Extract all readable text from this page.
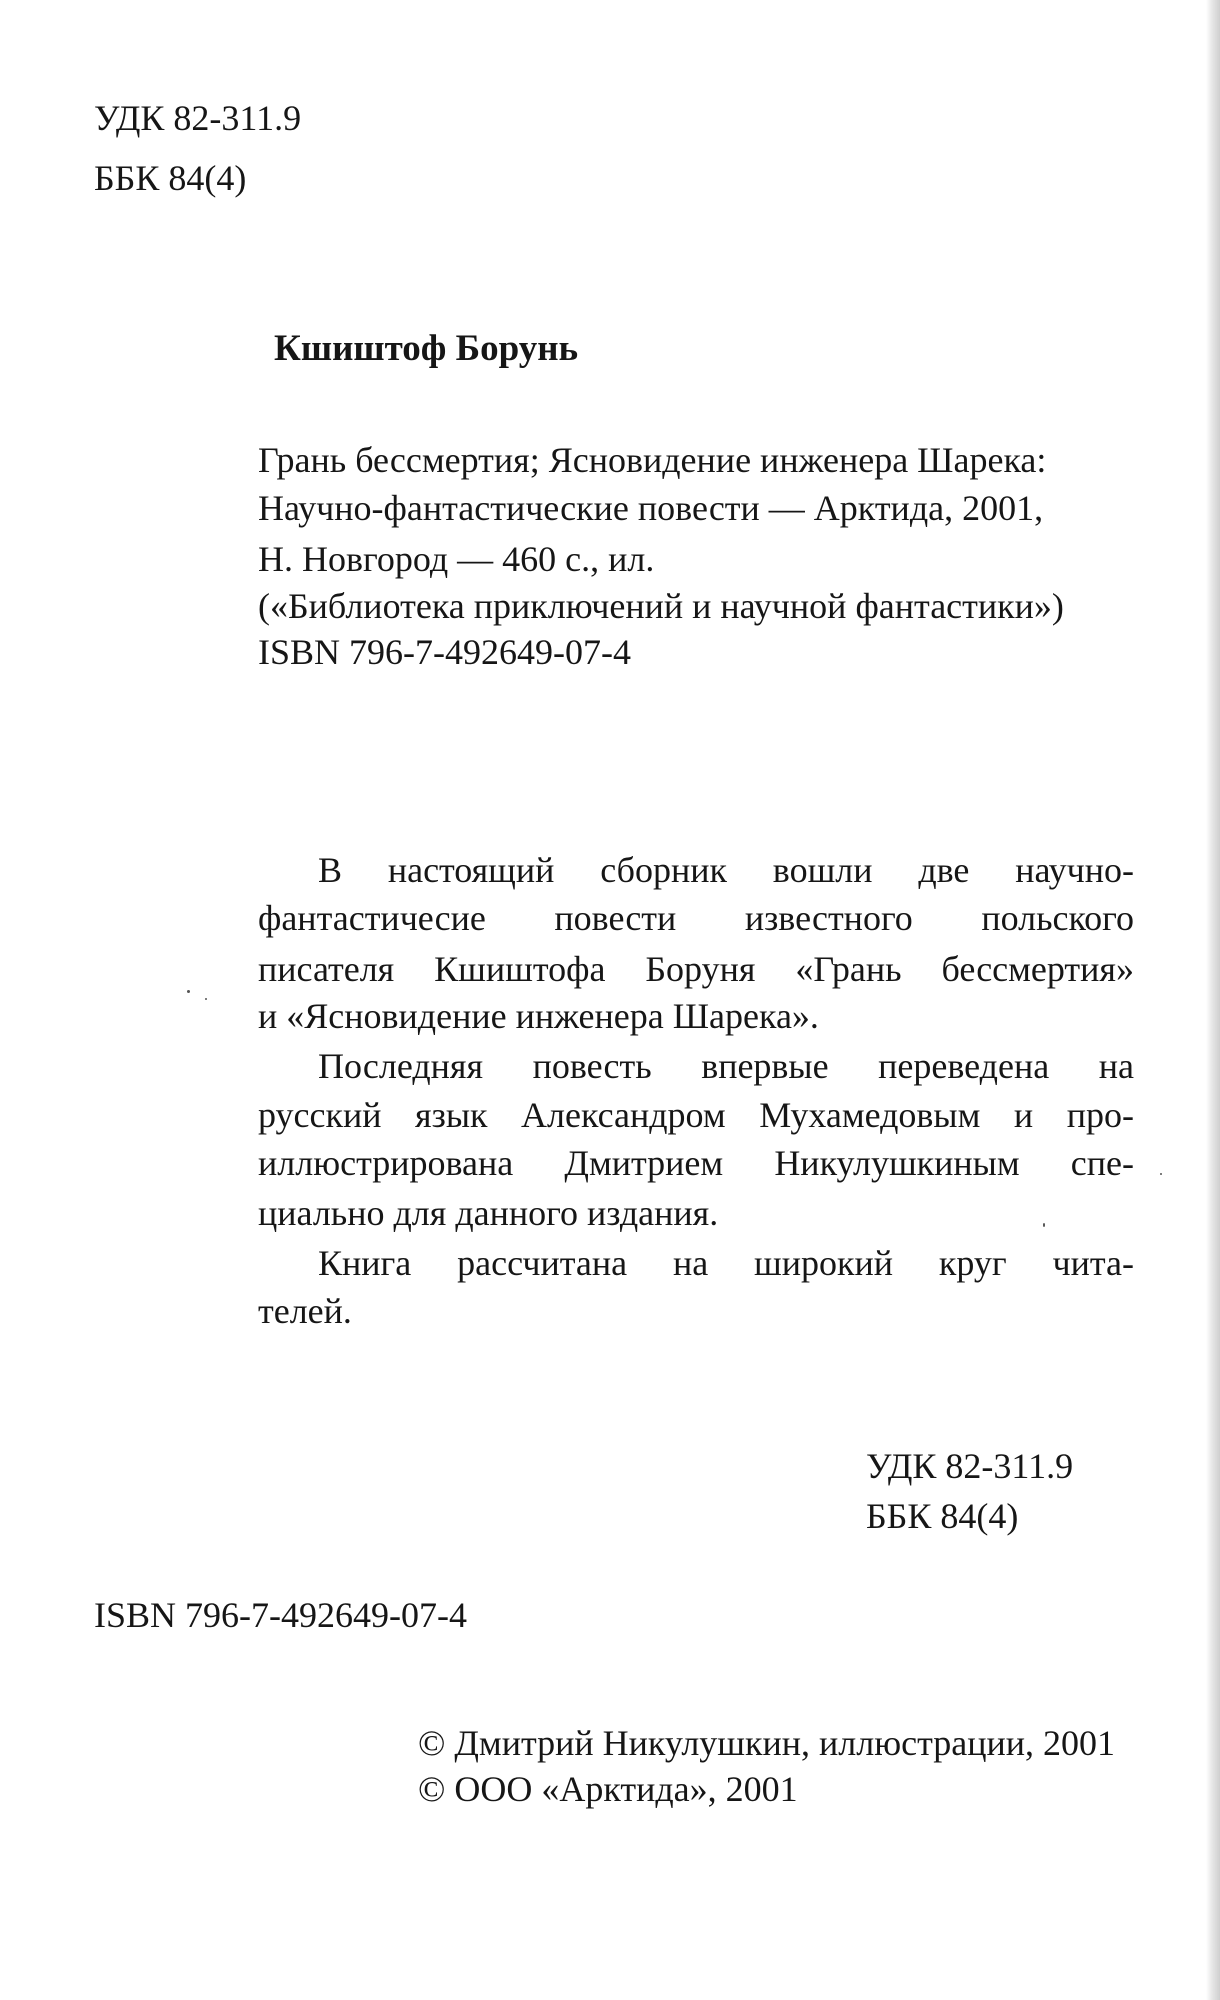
УДК 82-311.9
ББК 84(4)
Кшиштоф Борунь
Грань бессмертия; Ясновидение инженера Шарека:
Научно-фантастические повести — Арктида, 2001,
Н. Новгород — 460 с., ил.
(«Библиотека приключений и научной фантастики»)
ISBN 796-7-492649-07-4
В настоящий сборник вошли две научно-
фантастичесие повести известного польского
писателя Кшиштофа Боруня «Грань бессмертия»
и «Ясновидение инженера Шарека».
Последняя повесть впервые переведена на
русский язык Александром Мухамедовым и про-
иллюстрирована Дмитрием Никулушкиным спе-
циально для данного издания.
Книга рассчитана на широкий круг чита-
телей.
УДК 82-311.9
ББК 84(4)
ISBN 796-7-492649-07-4
© Дмитрий Никулушкин, иллюстрации, 2001
© ООО «Арктида», 2001
